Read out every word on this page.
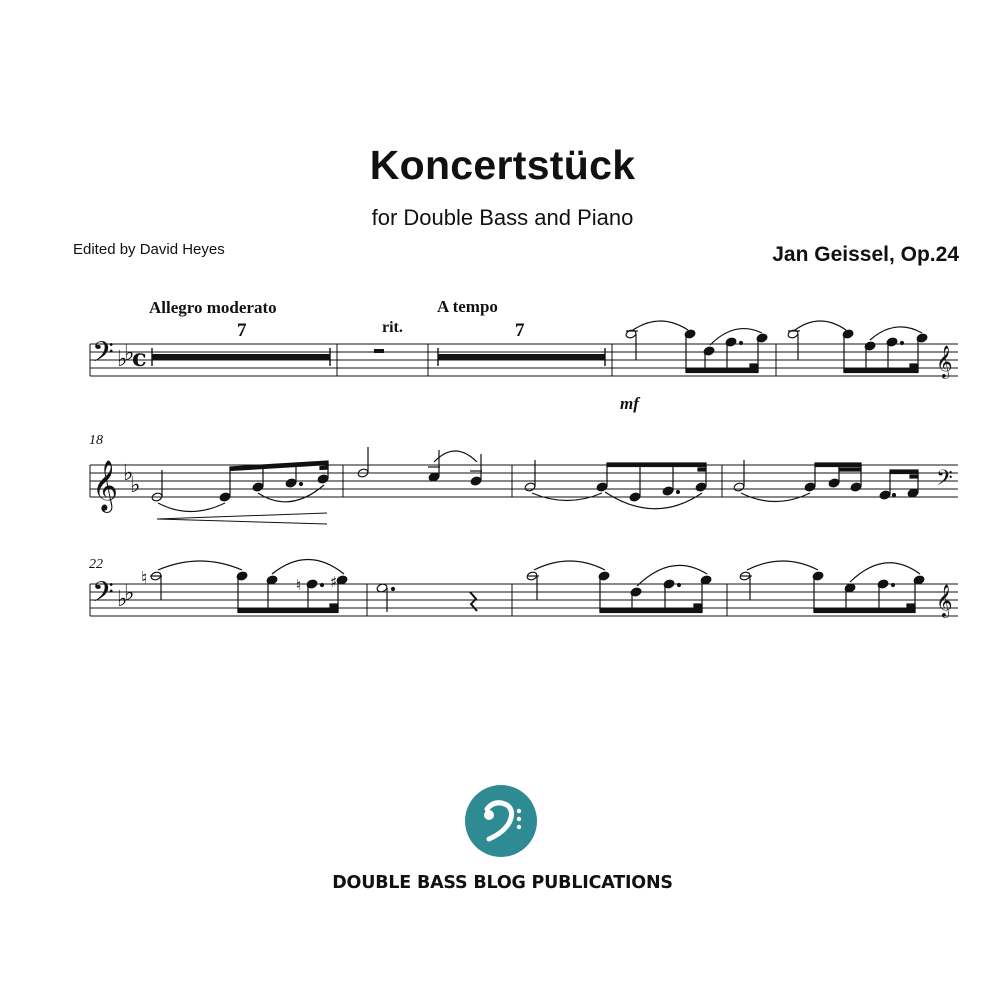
Koncertstück
for Double Bass and Piano
Edited by David Heyes	Jan Geissel, Op.24
𝄢 ♭
♭
c	𝄞
𝄞 ♭
♭	𝄢
𝄢 ♭
♭	𝄞
Allegro moderato
7	rit.
A tempo
7
mf
18
22
♮	♮ ♯
DOUBLE BASS BLOG PUBLICATIONS
